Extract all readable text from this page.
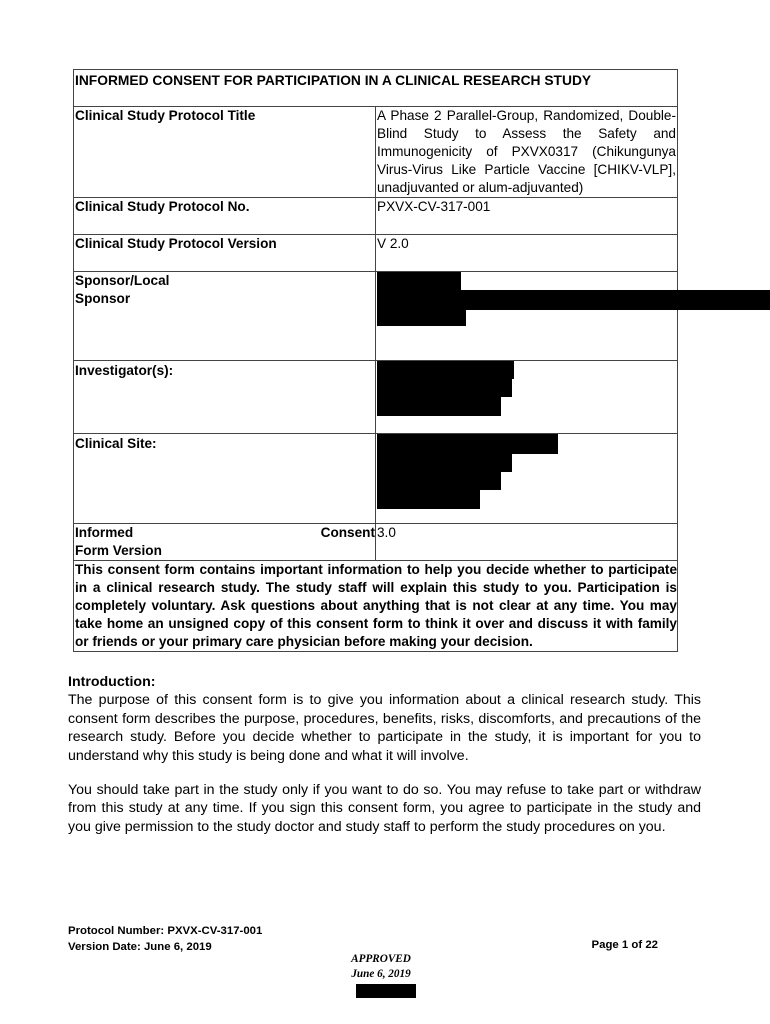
INFORMED CONSENT FOR PARTICIPATION IN A CLINICAL RESEARCH STUDY	
Clinical Study Protocol Title	A Phase 2 Parallel-Group, Randomized, Double-Blind Study to Assess the Safety and Immunogenicity of PXVX0317 (Chikungunya Virus-Virus Like Particle Vaccine [CHIKV-VLP], unadjuvanted or alum-adjuvanted)
Clinical Study Protocol No.	PXVX-CV-317-001
Clinical Study Protocol Version	V 2.0

Sponsor/Local
Sponsor	

Investigator(s):	

Clinical Site:	

Informed Consent
Form Version	3.0
This consent form contains important information to help you decide whether to participate in a clinical research study. The study staff will explain this study to you. Participation is completely voluntary. Ask questions about anything that is not clear at any time. You may take home an unsigned copy of this consent form to think it over and discuss it with family or friends or your primary care physician before making your decision.	
Introduction:
The purpose of this consent form is to give you information about a clinical research study. This consent form describes the purpose, procedures, benefits, risks, discomforts, and precautions of the research study. Before you decide whether to participate in the study, it is important for you to understand why this study is being done and what it will involve.
You should take part in the study only if you want to do so. You may refuse to take part or withdraw from this study at any time. If you sign this consent form, you agree to participate in the study and you give permission to the study doctor and study staff to perform the study procedures on you.
Protocol Number: PXVX-CV-317-001
Version Date: June 6, 2019	Page 1 of 22
APPROVED
June 6, 2019
